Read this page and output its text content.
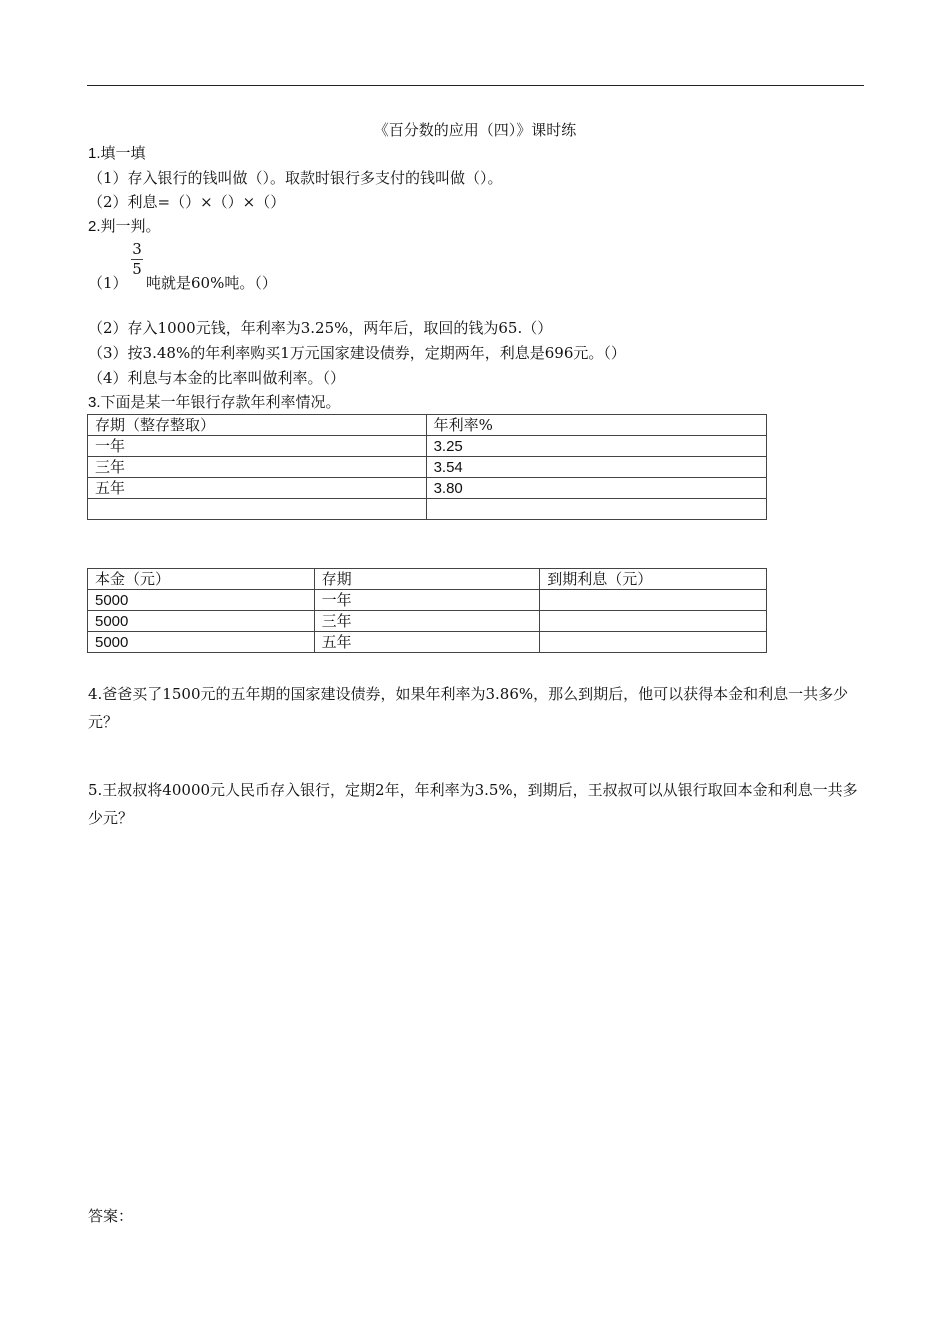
《百分数的应用（四）》课时练
1.填一填
（1）存入银行的钱叫做（）。取款时银行多支付的钱叫做（）。
（2）利息=（）×（）×（）
2.判一判。
3
5
（1） 吨就是60%吨。（）
（2）存入1000元钱，年利率为3.25%，两年后，取回的钱为65.（）
（3）按3.48%的年利率购买1万元国家建设债券，定期两年，利息是696元。（）
（4）利息与本金的比率叫做利率。（）
3.下面是某一年银行存款年利率情况。
存期（整存整取）	年利率%
一年	3.25
三年	3.54
五年	3.80

本金（元）	存期	到期利息（元）
5000	一年	
5000	三年	
5000	五年	
4.爸爸买了1500元的五年期的国家建设债券，如果年利率为3.86%，那么到期后，他可以获得本金和利息一共多少元？
5.王叔叔将40000元人民币存入银行，定期2年，年利率为3.5%，到期后，王叔叔可以从银行取回本金和利息一共多少元？
答案：
